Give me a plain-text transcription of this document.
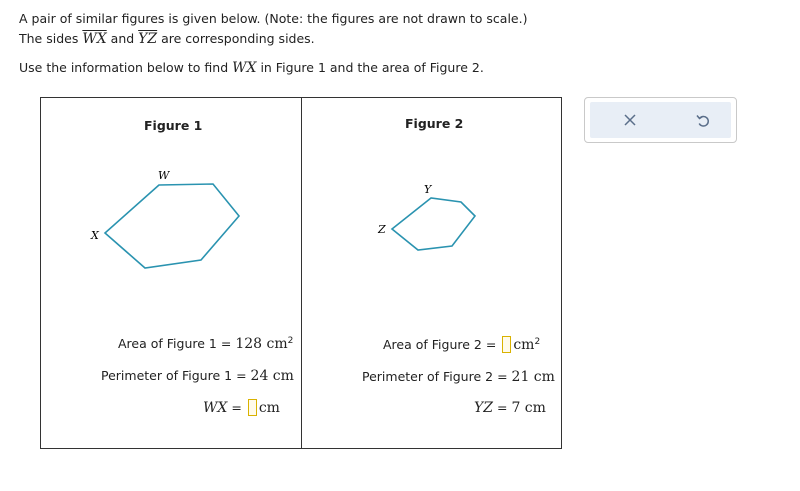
A pair of similar figures is given below. (Note: the figures are not drawn to scale.)
The sides $\overline{WX}$ and $\overline{YZ}$ are corresponding sides.
Use the information below to find WX in Figure 1 and the area of Figure 2.
Figure 1
W
X
Area of Figure 1 = 128 $cm^2$
Perimeter of Figure 1 = 24 cm
WX = cm
Figure 2
Y
Z
Area of Figure $2 = cm^2$
Perimeter of Figure 2 = 21 cm
YZ = 7 cm
